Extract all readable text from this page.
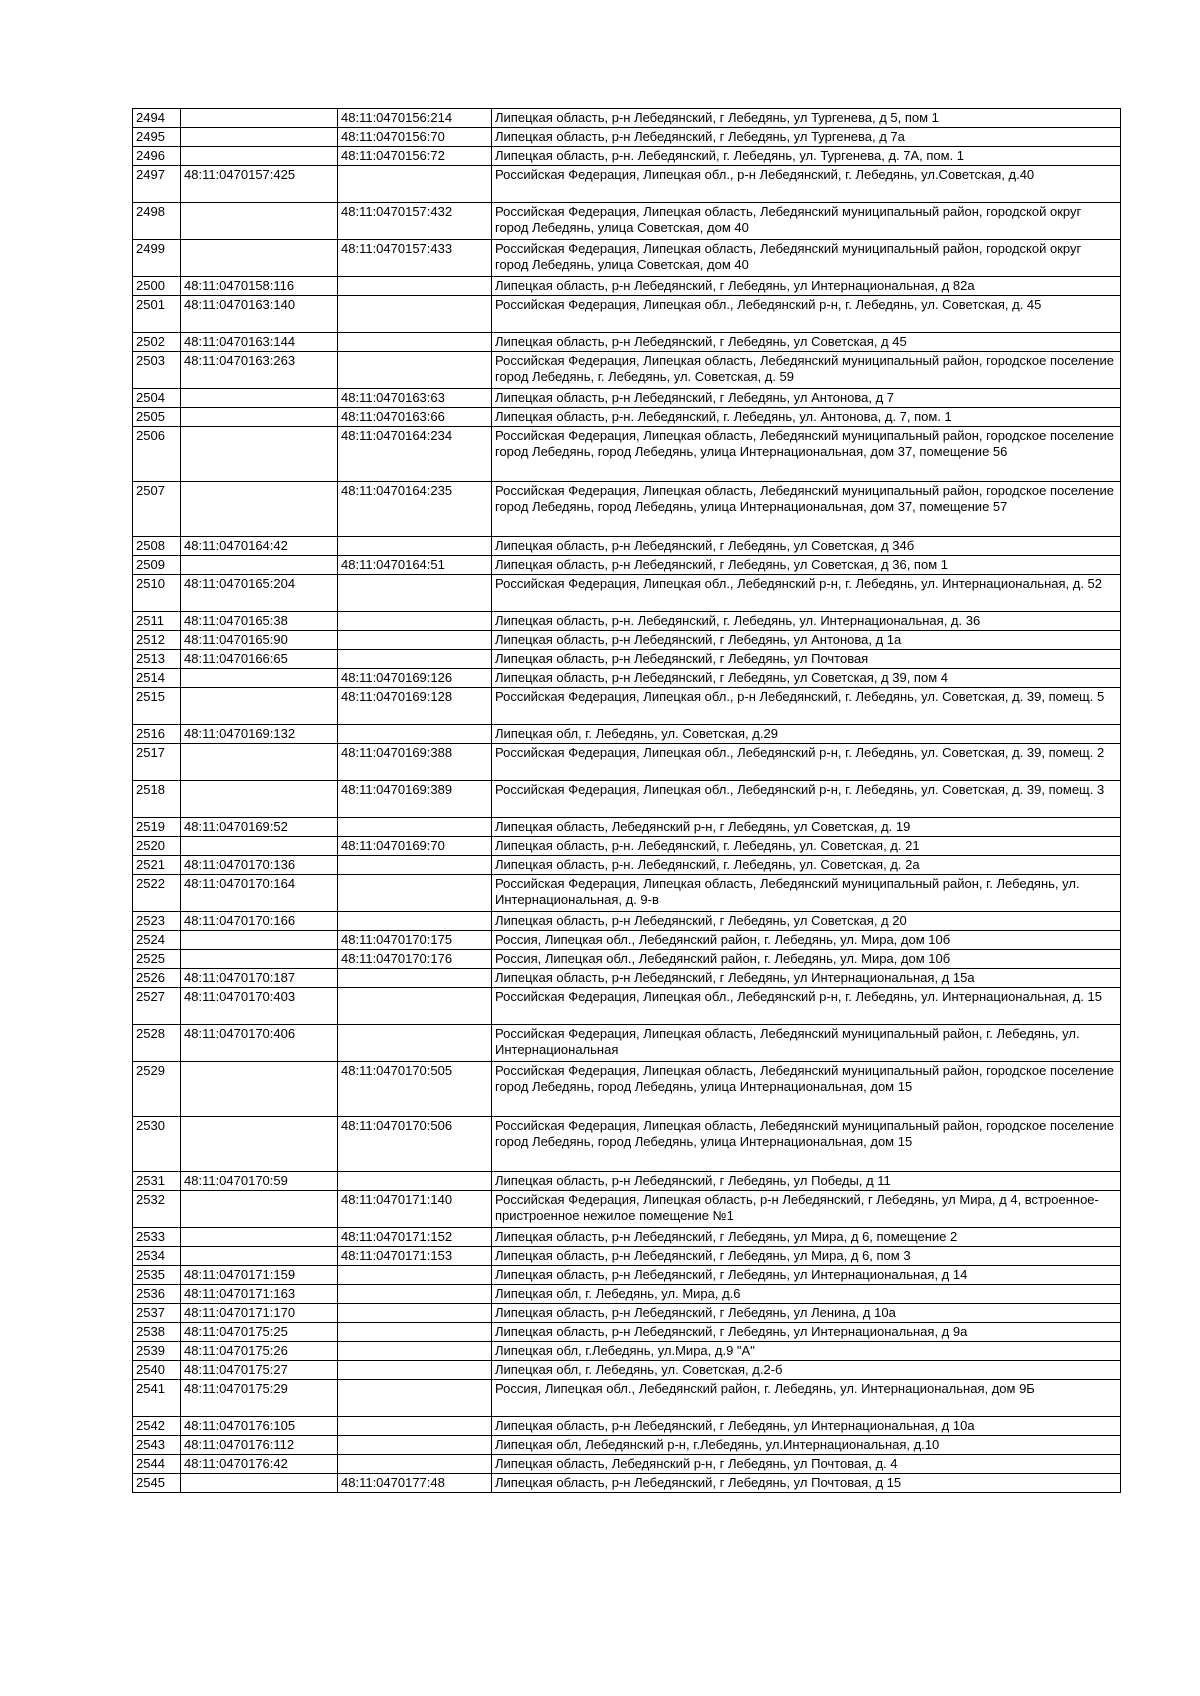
2494		48:11:0470156:214	Липецкая область, р-н Лебедянский, г Лебедянь, ул Тургенева, д 5, пом 1
2495		48:11:0470156:70	Липецкая область, р-н Лебедянский, г Лебедянь, ул Тургенева, д 7а
2496		48:11:0470156:72	Липецкая область, р-н. Лебедянский, г. Лебедянь, ул. Тургенева, д. 7А, пом. 1
2497	48:11:0470157:425		Российская Федерация, Липецкая обл., р-н Лебедянский, г. Лебедянь, ул.Советская, д.40
2498		48:11:0470157:432	Российская Федерация, Липецкая область, Лебедянский муниципальный район, городской округ город Лебедянь, улица Советская, дом 40
2499		48:11:0470157:433	Российская Федерация, Липецкая область, Лебедянский муниципальный район, городской округ город Лебедянь, улица Советская, дом 40
2500	48:11:0470158:116		Липецкая область, р-н Лебедянский, г Лебедянь, ул Интернациональная, д 82а
2501	48:11:0470163:140		Российская Федерация, Липецкая обл., Лебедянский р-н, г. Лебедянь, ул. Советская, д. 45
2502	48:11:0470163:144		Липецкая область, р-н Лебедянский, г Лебедянь, ул Советская, д 45
2503	48:11:0470163:263		Российская Федерация, Липецкая область, Лебедянский муниципальный район, городское поселение город Лебедянь, г. Лебедянь, ул. Советская, д. 59
2504		48:11:0470163:63	Липецкая область, р-н Лебедянский, г Лебедянь, ул Антонова, д 7
2505		48:11:0470163:66	Липецкая область, р-н. Лебедянский, г. Лебедянь, ул. Антонова, д. 7, пом. 1
2506		48:11:0470164:234	Российская Федерация, Липецкая область, Лебедянский муниципальный район, городское поселение город Лебедянь, город Лебедянь, улица Интернациональная, дом 37, помещение 56
2507		48:11:0470164:235	Российская Федерация, Липецкая область, Лебедянский муниципальный район, городское поселение город Лебедянь, город Лебедянь, улица Интернациональная, дом 37, помещение 57
2508	48:11:0470164:42		Липецкая область, р-н Лебедянский, г Лебедянь, ул Советская, д 34б
2509		48:11:0470164:51	Липецкая область, р-н Лебедянский, г Лебедянь, ул Советская, д 36, пом 1
2510	48:11:0470165:204		Российская Федерация, Липецкая обл., Лебедянский р-н, г. Лебедянь, ул. Интернациональная, д. 52
2511	48:11:0470165:38		Липецкая область, р-н. Лебедянский, г. Лебедянь, ул. Интернациональная, д. 36
2512	48:11:0470165:90		Липецкая область, р-н Лебедянский, г Лебедянь, ул Антонова, д 1а
2513	48:11:0470166:65		Липецкая область, р-н Лебедянский, г Лебедянь, ул Почтовая
2514		48:11:0470169:126	Липецкая область, р-н Лебедянский, г Лебедянь, ул Советская, д 39, пом 4
2515		48:11:0470169:128	Российская Федерация, Липецкая обл., р-н Лебедянский, г. Лебедянь, ул. Советская, д. 39, помещ. 5
2516	48:11:0470169:132		Липецкая обл, г. Лебедянь, ул. Советская, д.29
2517		48:11:0470169:388	Российская Федерация, Липецкая обл., Лебедянский р-н, г. Лебедянь, ул. Советская, д. 39, помещ. 2
2518		48:11:0470169:389	Российская Федерация, Липецкая обл., Лебедянский р-н, г. Лебедянь, ул. Советская, д. 39, помещ. 3
2519	48:11:0470169:52		Липецкая область, Лебедянский р-н, г Лебедянь, ул Советская, д. 19
2520		48:11:0470169:70	Липецкая область, р-н. Лебедянский, г. Лебедянь, ул. Советская, д. 21
2521	48:11:0470170:136		Липецкая область, р-н. Лебедянский, г. Лебедянь, ул. Советская, д. 2а
2522	48:11:0470170:164		Российская Федерация, Липецкая область, Лебедянский муниципальный район, г. Лебедянь, ул. Интернациональная, д. 9-в
2523	48:11:0470170:166		Липецкая область, р-н Лебедянский, г Лебедянь, ул Советская, д 20
2524		48:11:0470170:175	Россия, Липецкая обл., Лебедянский район, г. Лебедянь, ул. Мира, дом 10б
2525		48:11:0470170:176	Россия, Липецкая обл., Лебедянский район, г. Лебедянь, ул. Мира, дом 10б
2526	48:11:0470170:187		Липецкая область, р-н Лебедянский, г Лебедянь, ул Интернациональная, д 15а
2527	48:11:0470170:403		Российская Федерация, Липецкая обл., Лебедянский р-н, г. Лебедянь, ул. Интернациональная, д. 15
2528	48:11:0470170:406		Российская Федерация, Липецкая область, Лебедянский муниципальный район, г. Лебедянь, ул. Интернациональная
2529		48:11:0470170:505	Российская Федерация, Липецкая область, Лебедянский муниципальный район, городское поселение город Лебедянь, город Лебедянь, улица Интернациональная, дом 15
2530		48:11:0470170:506	Российская Федерация, Липецкая область, Лебедянский муниципальный район, городское поселение город Лебедянь, город Лебедянь, улица Интернациональная, дом 15
2531	48:11:0470170:59		Липецкая область, р-н Лебедянский, г Лебедянь, ул Победы, д 11
2532		48:11:0470171:140	Российская Федерация, Липецкая область, р-н Лебедянский, г Лебедянь, ул Мира, д 4, встроенное-пристроенное нежилое помещение №1
2533		48:11:0470171:152	Липецкая область, р-н Лебедянский, г Лебедянь, ул Мира, д 6, помещение 2
2534		48:11:0470171:153	Липецкая область, р-н Лебедянский, г Лебедянь, ул Мира, д 6, пом 3
2535	48:11:0470171:159		Липецкая область, р-н Лебедянский, г Лебедянь, ул Интернациональная, д 14
2536	48:11:0470171:163		Липецкая обл, г. Лебедянь, ул. Мира, д.6
2537	48:11:0470171:170		Липецкая область, р-н Лебедянский, г Лебедянь, ул Ленина, д 10а
2538	48:11:0470175:25		Липецкая область, р-н Лебедянский, г Лебедянь, ул Интернациональная, д 9а
2539	48:11:0470175:26		Липецкая обл, г.Лебедянь, ул.Мира, д.9 "А"
2540	48:11:0470175:27		Липецкая обл, г. Лебедянь, ул. Советская, д.2-б
2541	48:11:0470175:29		Россия, Липецкая обл., Лебедянский район, г. Лебедянь, ул. Интернациональная, дом 9Б
2542	48:11:0470176:105		Липецкая область, р-н Лебедянский, г Лебедянь, ул Интернациональная, д 10а
2543	48:11:0470176:112		Липецкая обл, Лебедянский р-н, г.Лебедянь, ул.Интернациональная, д.10
2544	48:11:0470176:42		Липецкая область, Лебедянский р-н, г Лебедянь, ул Почтовая, д. 4
2545		48:11:0470177:48	Липецкая область, р-н Лебедянский, г Лебедянь, ул Почтовая, д 15
